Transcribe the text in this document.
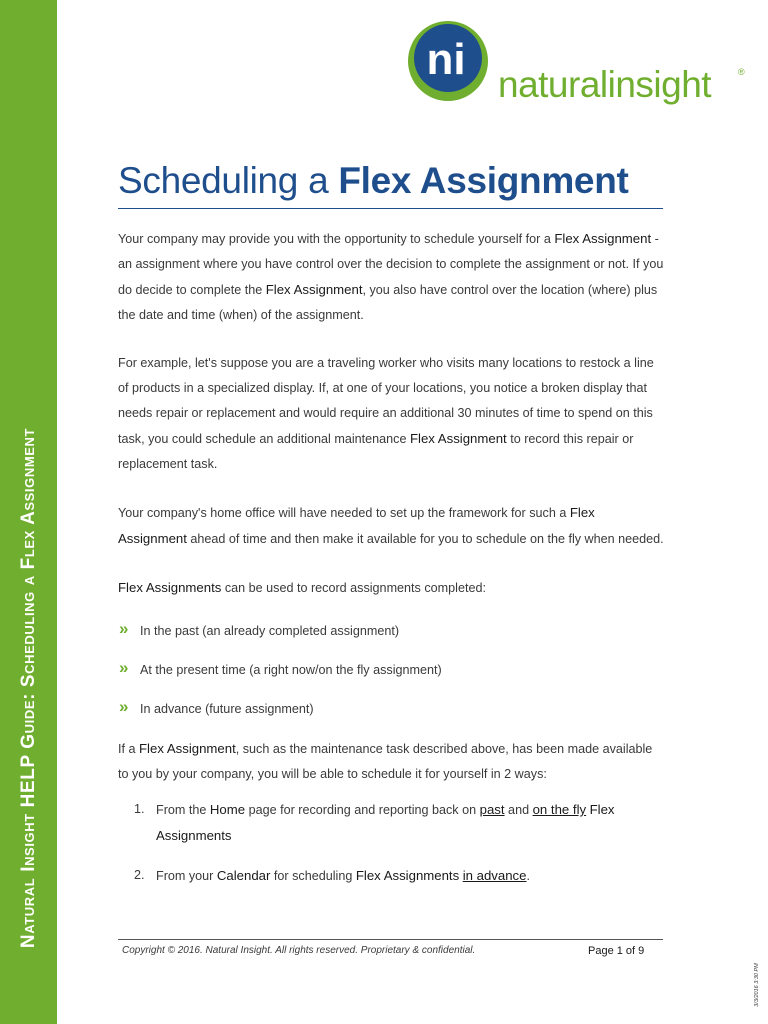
Natural Insight HELP Guide: Scheduling a Flex Assignment
ni
naturalinsight	®
Scheduling a Flex Assignment

Your company may provide you with the opportunity to schedule yourself for a Flex Assignment - an assignment where you have control over the decision to complete the assignment or not. If you do decide to complete the Flex Assignment, you also have control over the location (where) plus the date and time (when) of the assignment.

For example, let's suppose you are a traveling worker who visits many locations to restock a line of products in a specialized display. If, at one of your locations, you notice a broken display that needs repair or replacement and would require an additional 30 minutes of time to spend on this task, you could schedule an additional maintenance Flex Assignment to record this repair or replacement task.

Your company's home office will have needed to set up the framework for such a Flex Assignment ahead of time and then make it available for you to schedule on the fly when needed.

Flex Assignments can be used to record assignments completed:

» In the past (an already completed assignment)
» At the present time (a right now/on the fly assignment)
» In advance (future assignment)

If a Flex Assignment, such as the maintenance task described above, has been made available to you by your company, you will be able to schedule it for yourself in 2 ways:

1. From the Home page for recording and reporting back on past and on the fly Flex Assignments
2. From your Calendar for scheduling Flex Assignments in advance.
Copyright © 2016. Natural Insight. All rights reserved. Proprietary & confidential.	Page 1 of 9
3/3/2016 3:30 PM
